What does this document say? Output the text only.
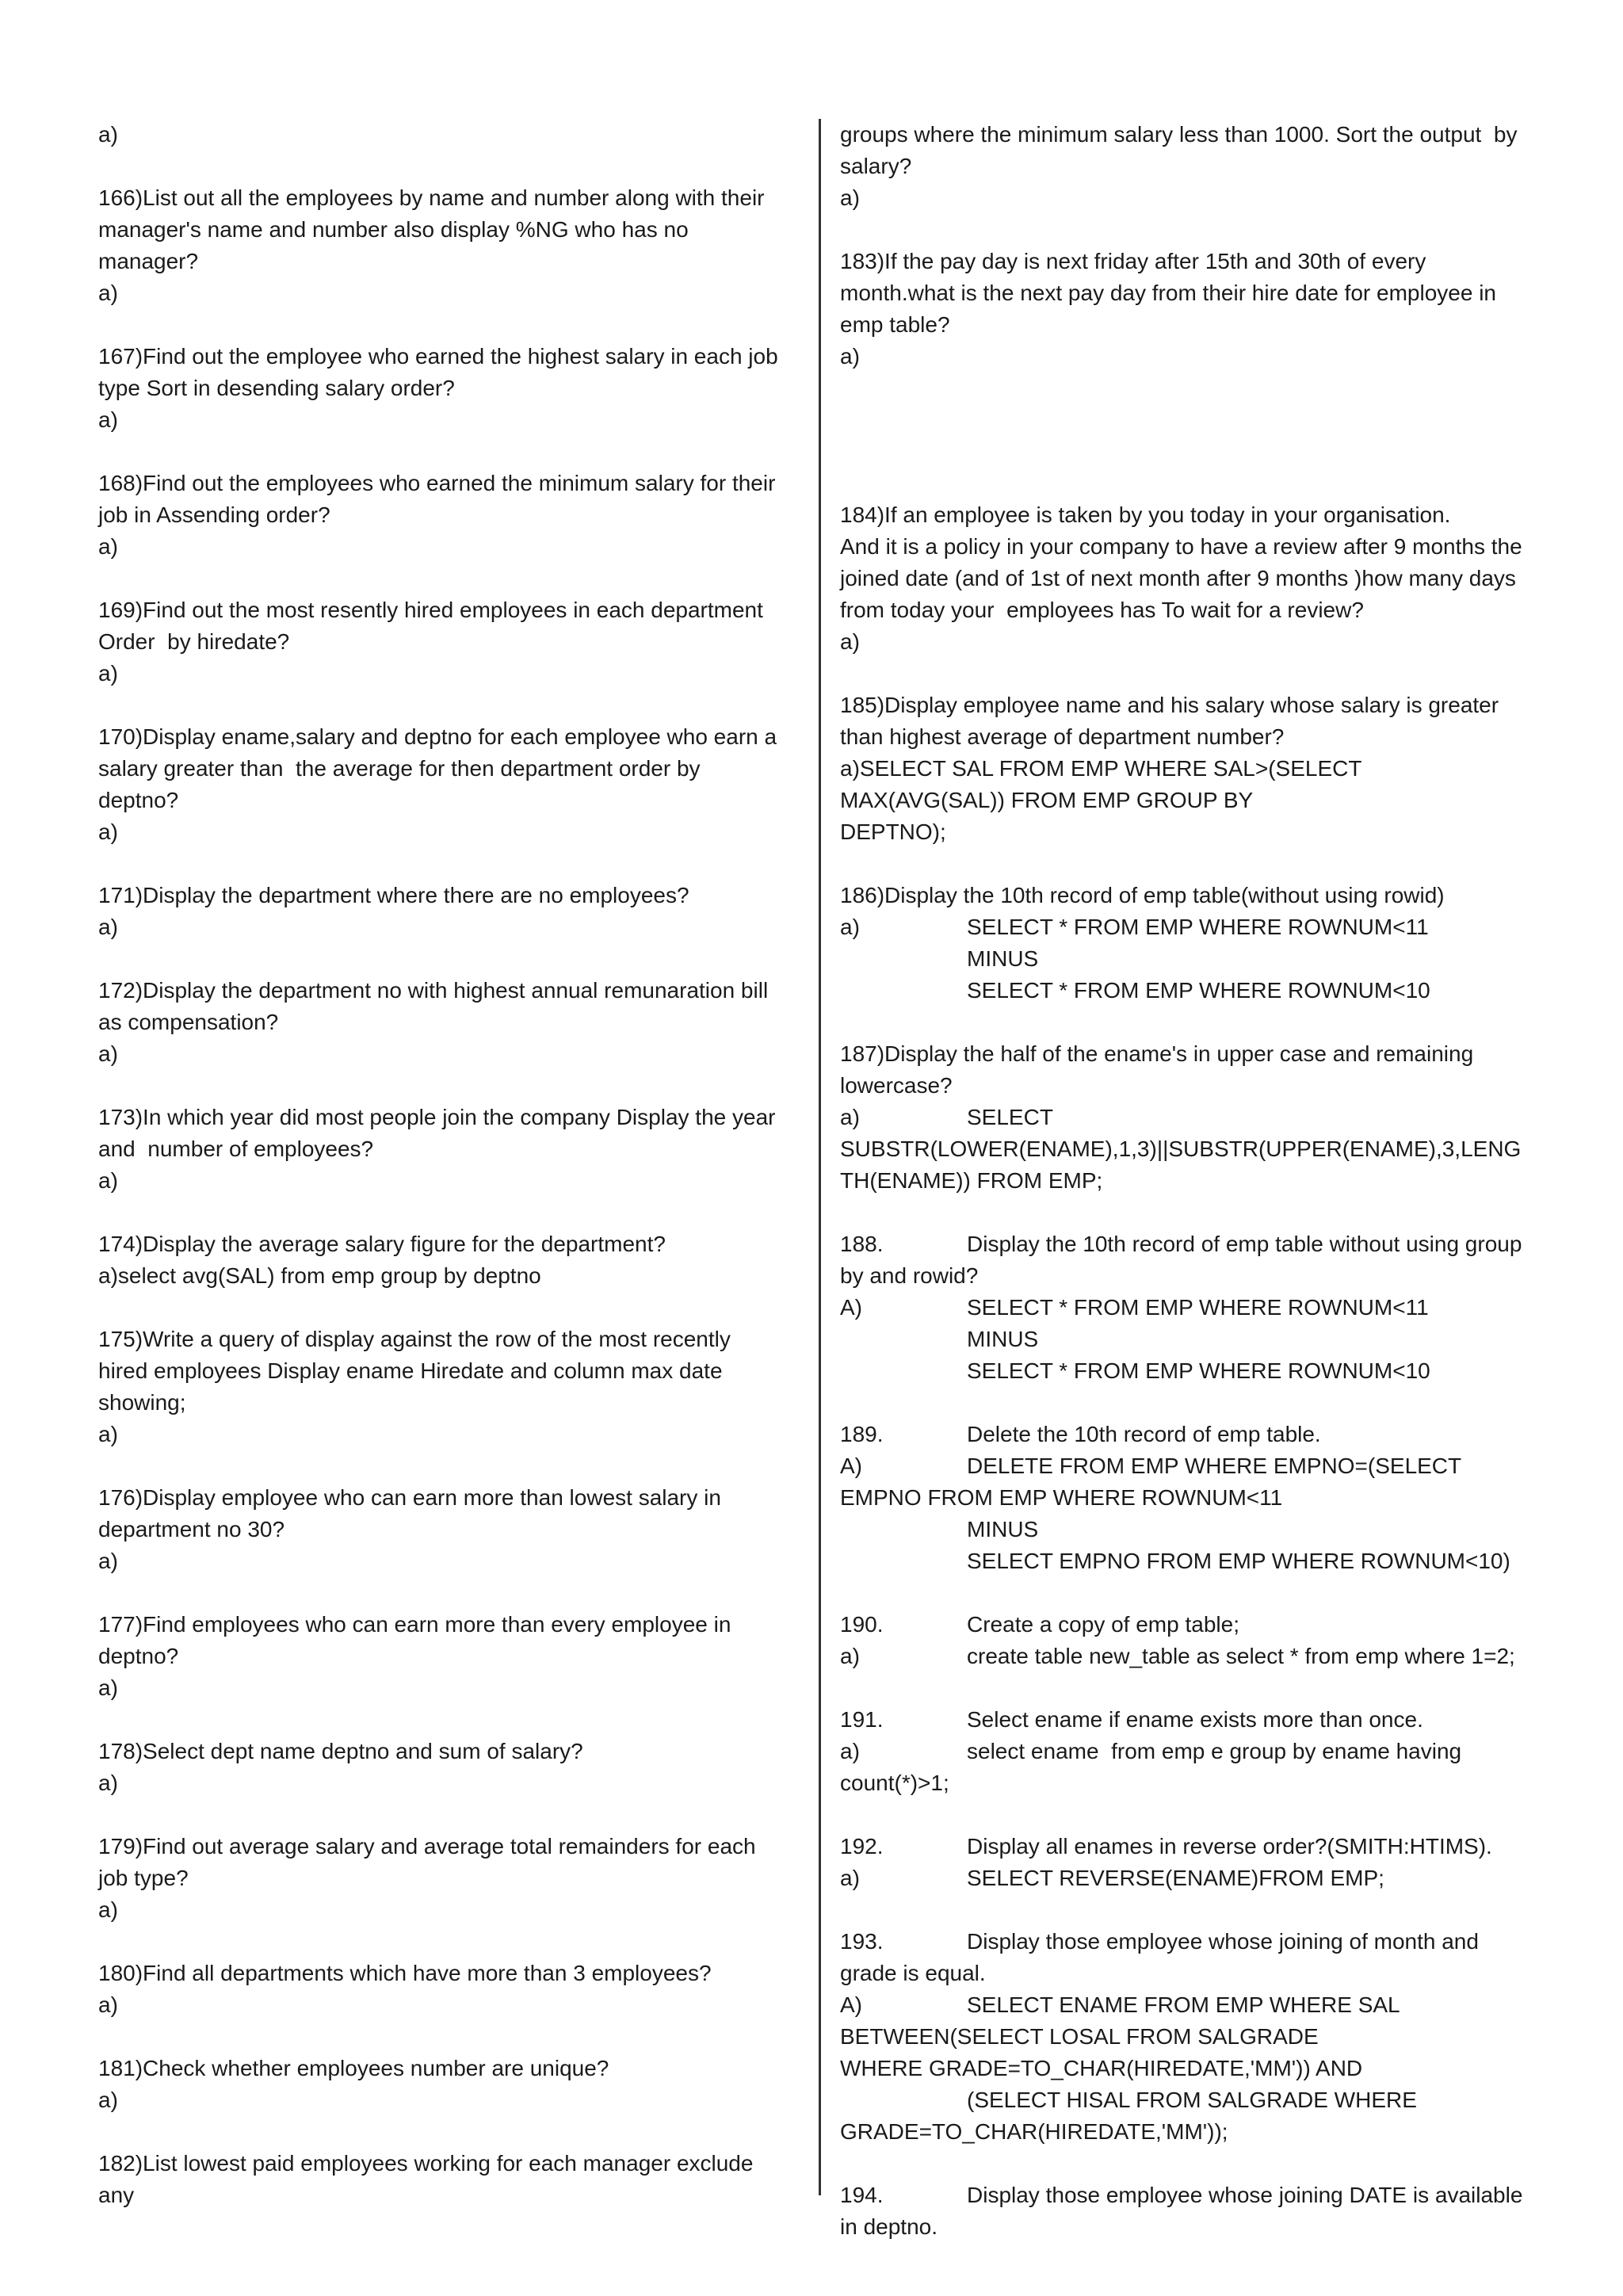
a)
166)List out all the employees by name and number along with their
manager's name and number also display %NG who has no
manager?
a)
167)Find out the employee who earned the highest salary in each job
type Sort in desending salary order?
a)
168)Find out the employees who earned the minimum salary for their
job in Assending order?
a)
169)Find out the most resently hired employees in each department
Order  by hiredate?
a)
170)Display ename,salary and deptno for each employee who earn a
salary greater than  the average for then department order by
deptno?
a)
171)Display the department where there are no employees?
a)
172)Display the department no with highest annual remunaration bill
as compensation?
a)
173)In which year did most people join the company Display the year
and  number of employees?
a)
174)Display the average salary figure for the department?
a)select avg(SAL) from emp group by deptno
175)Write a query of display against the row of the most recently
hired employees Display ename Hiredate and column max date
showing;
a)
176)Display employee who can earn more than lowest salary in
department no 30?
a)
177)Find employees who can earn more than every employee in
deptno?
a)
178)Select dept name deptno and sum of salary?
a)
179)Find out average salary and average total remainders for each
job type?
a)
180)Find all departments which have more than 3 employees?
a)
181)Check whether employees number are unique?
a)
182)List lowest paid employees working for each manager exclude
any
groups where the minimum salary less than 1000. Sort the output  by
salary?
a)
183)If the pay day is next friday after 15th and 30th of every
month.what is the next pay day from their hire date for employee in
emp table?
a)
184)If an employee is taken by you today in your organisation.
And it is a policy in your company to have a review after 9 months the
joined date (and of 1st of next month after 9 months )how many days
from today your  employees has To wait for a review?
a)
185)Display employee name and his salary whose salary is greater
than highest average of department number?
a)SELECT SAL FROM EMP WHERE SAL>(SELECT
MAX(AVG(SAL)) FROM EMP GROUP BY
DEPTNO);
186)Display the 10th record of emp table(without using rowid)
a)	SELECT * FROM EMP WHERE ROWNUM<11
MINUS
SELECT * FROM EMP WHERE ROWNUM<10
187)Display the half of the ename's in upper case and remaining
lowercase?
a)	SELECT
SUBSTR(LOWER(ENAME),1,3)||SUBSTR(UPPER(ENAME),3,LENG
TH(ENAME)) FROM EMP;
188.	Display the 10th record of emp table without using group
by and rowid?
A)	SELECT * FROM EMP WHERE ROWNUM<11
MINUS
SELECT * FROM EMP WHERE ROWNUM<10
189.	Delete the 10th record of emp table.
A)	DELETE FROM EMP WHERE EMPNO=(SELECT
EMPNO FROM EMP WHERE ROWNUM<11
MINUS
SELECT EMPNO FROM EMP WHERE ROWNUM<10)
190.	Create a copy of emp table;
a)	create table new_table as select * from emp where 1=2;
191.	Select ename if ename exists more than once.
a)	select ename  from emp e group by ename having
count(*)>1;
192.	Display all enames in reverse order?(SMITH:HTIMS).
a)	SELECT REVERSE(ENAME)FROM EMP;
193.	Display those employee whose joining of month and
grade is equal.
A)	SELECT ENAME FROM EMP WHERE SAL
BETWEEN(SELECT LOSAL FROM SALGRADE
WHERE GRADE=TO_CHAR(HIREDATE,'MM')) AND
(SELECT HISAL FROM SALGRADE WHERE
GRADE=TO_CHAR(HIREDATE,'MM'));
194.	Display those employee whose joining DATE is available
in deptno.
